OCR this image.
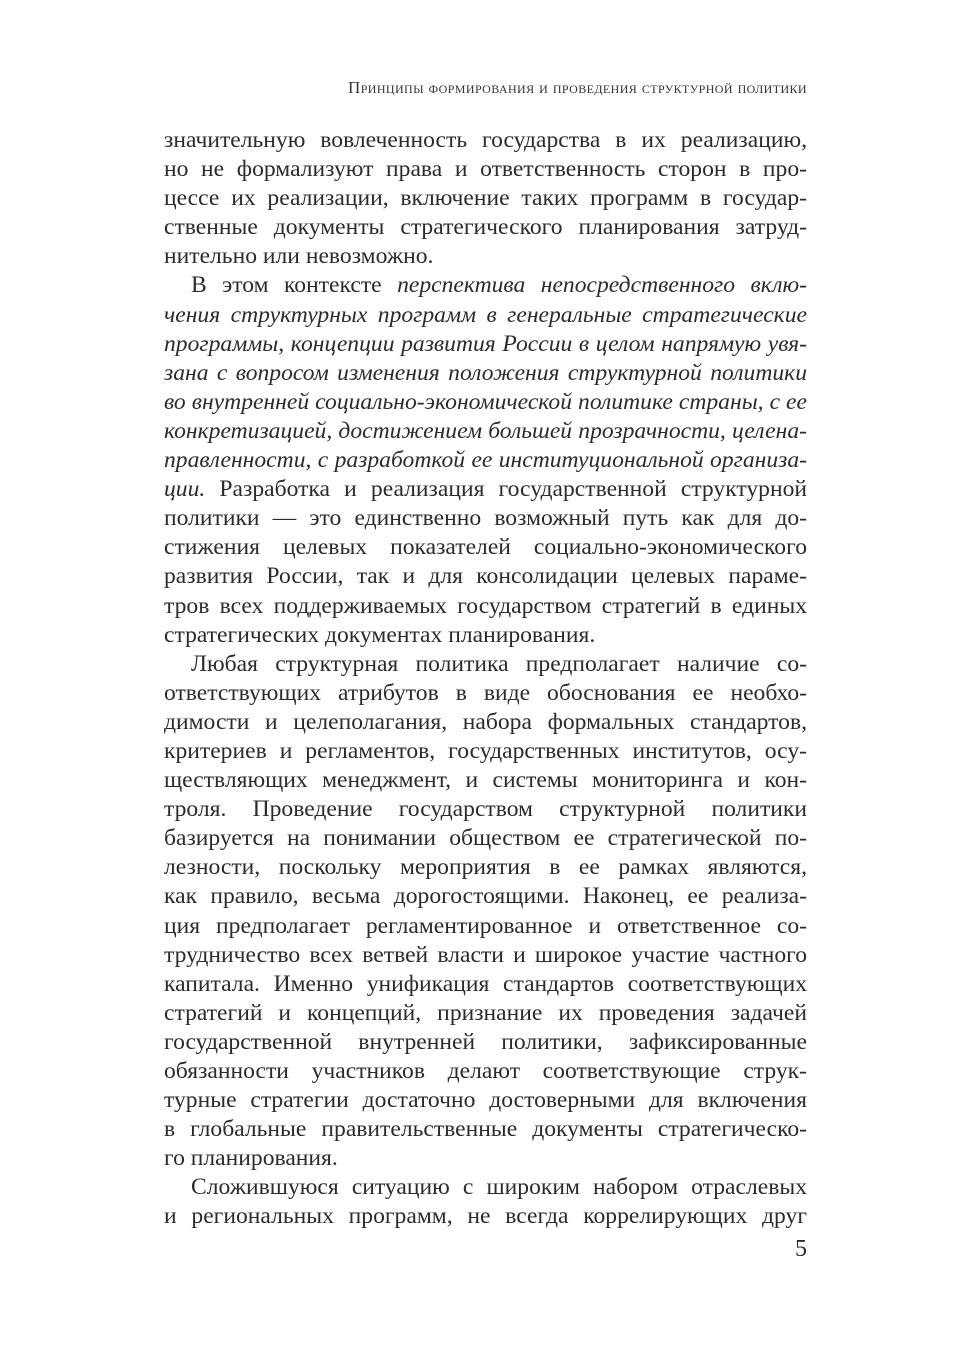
Принципы формирования и проведения структурной политики
значительную вовлеченность государства в их реализацию,
но не формализуют права и ответственность сторон в про-
цессе их реализации, включение таких программ в государ-
ственные документы стратегического планирования затруд-
нительно или невозможно.
В этом контексте перспектива непосредственного вклю-
чения структурных программ в генеральные стратегические
программы, концепции развития России в целом напрямую увя-
зана с вопросом изменения положения структурной политики
во внутренней социально-экономической политике страны, с ее
конкретизацией, достижением большей прозрачности, целена-
правленности, с разработкой ее институциональной организа-
ции. Разработка и реализация государственной структурной
политики — это единственно возможный путь как для до-
стижения целевых показателей социально-экономического
развития России, так и для консолидации целевых параме-
тров всех поддерживаемых государством стратегий в единых
стратегических документах планирования.
Любая структурная политика предполагает наличие со-
ответствующих атрибутов в виде обоснования ее необхо-
димости и целеполагания, набора формальных стандартов,
критериев и регламентов, государственных институтов, осу-
ществляющих менеджмент, и системы мониторинга и кон-
троля. Проведение государством структурной политики
базируется на понимании обществом ее стратегической по-
лезности, поскольку мероприятия в ее рамках являются,
как правило, весьма дорогостоящими. Наконец, ее реализа-
ция предполагает регламентированное и ответственное со-
трудничество всех ветвей власти и широкое участие частного
капитала. Именно унификация стандартов соответствующих
стратегий и концепций, признание их проведения задачей
государственной внутренней политики, зафиксированные
обязанности участников делают соответствующие струк-
турные стратегии достаточно достоверными для включения
в глобальные правительственные документы стратегическо-
го планирования.
Сложившуюся ситуацию с широким набором отраслевых
и региональных программ, не всегда коррелирующих друг
5
